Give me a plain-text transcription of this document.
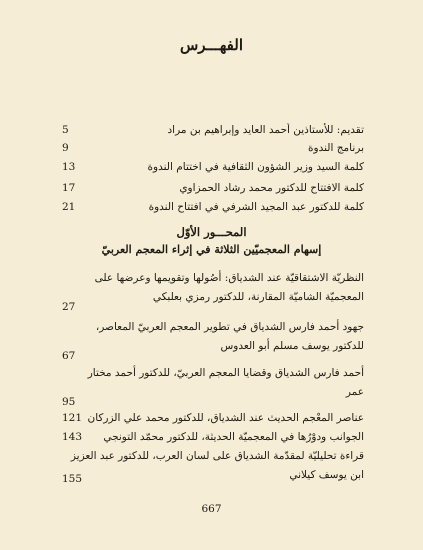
الفهـــرس
تقديم: للأستاذين أحمد العايد وإبراهيم بن مراد
5
برنامج الندوة
9
كلمة السيد وزير الشؤون الثقافية في اختتام الندوة
13
كلمة الافتتاح للدكتور محمد رشاد الحمزاوي
17
كلمة للدكتور عبد المجيد الشرفي في افتتاح الندوة
21
المحـــور الأوّل
إسهام المعجميّين الثلاثة في إثراء المعجم العربيّ
النظريّة الاشتقاقيّة عند الشدياق: أصُولها وتقويمها وعرضها على
المعجميّة الشاميّة المقارنة، للدكتور رمزي بعلبكي
27
جهود أحمد فارس الشدياق في تطوير المعجم العربيّ المعاصر،
للدكتور يوسف مسلم أبو العدوس
67
أحمد فارس الشدياق وقضايا المعجم العربيّ، للدكتور أحمد مختار
عمر
95
عناصر المعْجم الحديث عند الشدياق، للدكتور محمد علي الزركان
121
الجوانب ودوْرُها في المعجميّة الحديثة، للدكتور محمّد التونجي
143
قراءة تحليليّة لمقدّمة الشدياق على لسان العرب، للدكتور عبد العزيز
ابن يوسف كيلاني
155
667
